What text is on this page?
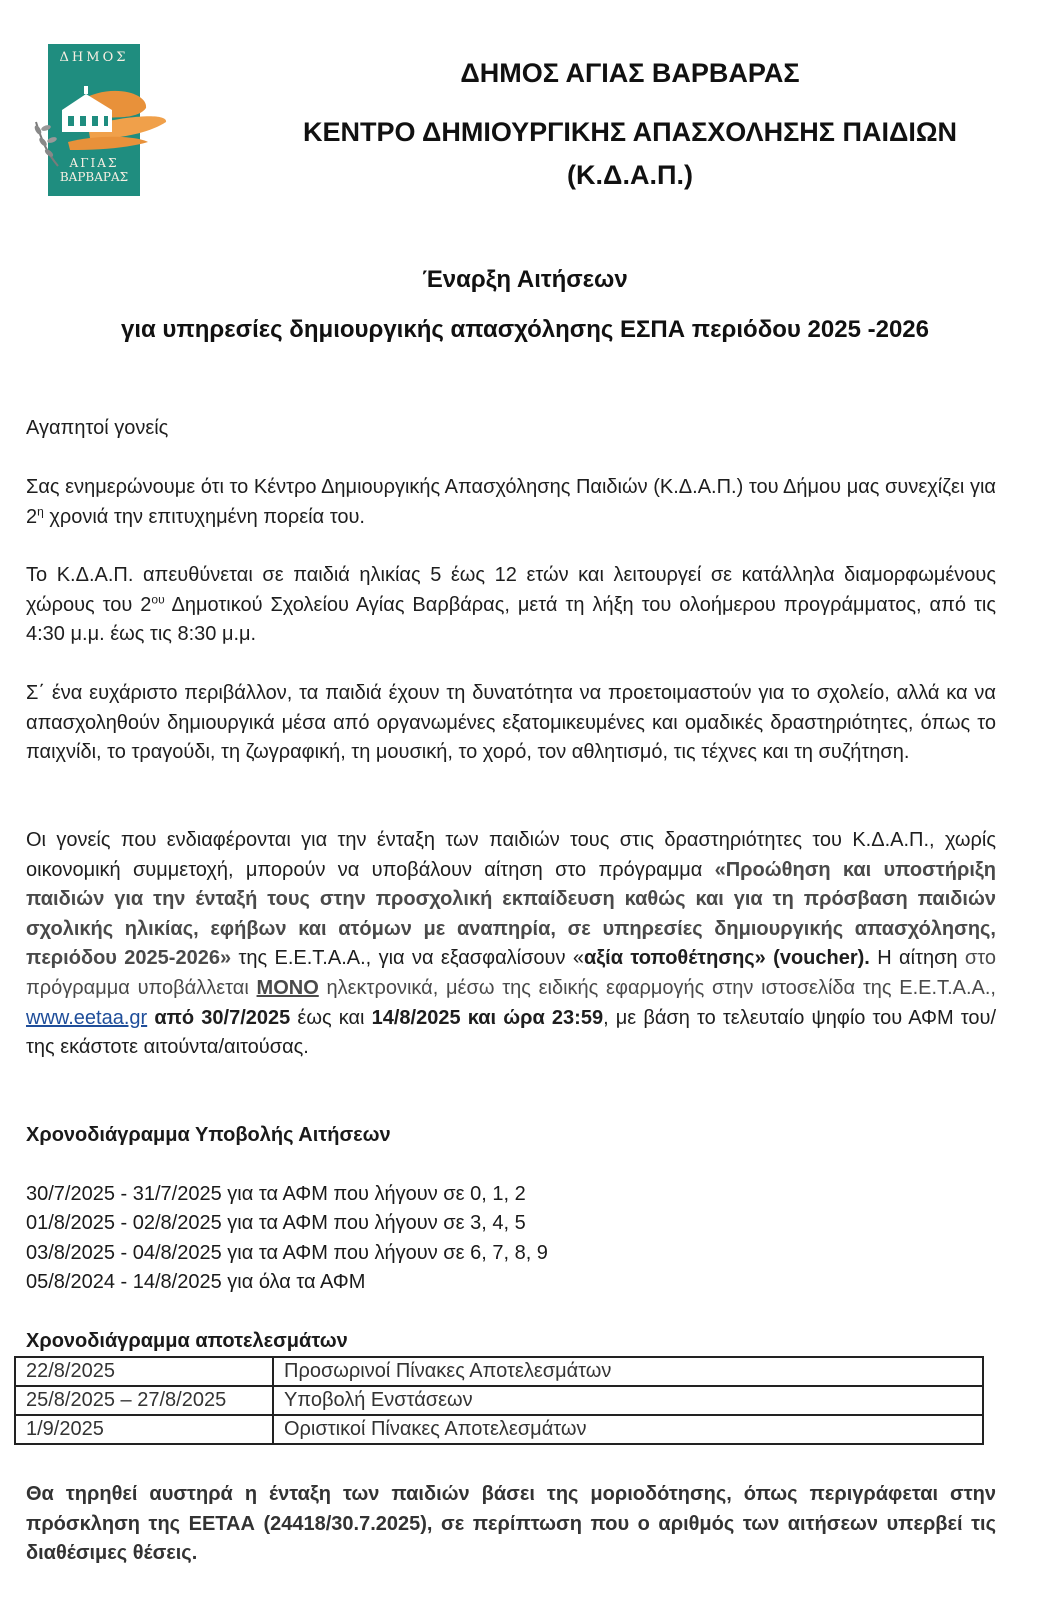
ΔΗΜΟΣ
ΑΓΙΑΣ
ΒΑΡΒΑΡΑΣ
ΔΗΜΟΣ ΑΓΙΑΣ ΒΑΡΒΑΡΑΣ
ΚΕΝΤΡΟ ΔΗΜΙΟΥΡΓΙΚΗΣ ΑΠΑΣΧΟΛΗΣΗΣ ΠΑΙΔΙΩΝ
(Κ.Δ.Α.Π.)
Έναρξη Αιτήσεων
για υπηρεσίες δημιουργικής απασχόλησης ΕΣΠΑ περιόδου 2025 -2026
Αγαπητοί γονείς
Σας ενημερώνουμε ότι το Κέντρο Δημιουργικής Απασχόλησης Παιδιών (Κ.Δ.Α.Π.) του Δήμου μας συνεχίζει για $2^\eta$ χρονιά την επιτυχημένη πορεία του.
Το Κ.Δ.Α.Π. απευθύνεται σε παιδιά ηλικίας 5 έως 12 ετών και λειτουργεί σε κατάλληλα διαμορφωμένους χώρους του $2^{o\upsilon}$ Δημοτικού Σχολείου Αγίας Βαρβάρας, μετά τη λήξη του ολοήμερου προγράμματος, από τις 4:30 μ.μ. έως τις 8:30 μ.μ.
Σ΄ ένα ευχάριστο περιβάλλον, τα παιδιά έχουν τη δυνατότητα να προετοιμαστούν για το σχολείο, αλλά κα να απασχοληθούν δημιουργικά μέσα από οργανωμένες εξατομικευμένες και ομαδικές δραστηριότητες, όπως το παιχνίδι, το τραγούδι, τη ζωγραφική, τη μουσική, το χορό, τον αθλητισμό, τις τέχνες και τη συζήτηση.
Οι γονείς που ενδιαφέρονται για την ένταξη των παιδιών τους στις δραστηριότητες του Κ.Δ.Α.Π., χωρίς οικονομική συμμετοχή, μπορούν να υποβάλουν αίτηση στο πρόγραμμα «Προώθηση και υποστήριξη παιδιών για την ένταξή τους στην προσχολική εκπαίδευση καθώς και για τη πρόσβαση παιδιών σχολικής ηλικίας, εφήβων και ατόμων με αναπηρία, σε υπηρεσίες δημιουργικής απασχόλησης, περιόδου 2025-2026» της Ε.Ε.Τ.Α.Α., για να εξασφαλίσουν «αξία τοποθέτησης» (voucher). Η αίτηση στο πρόγραμμα υποβάλλεται ΜΟΝΟ ηλεκτρονικά, μέσω της ειδικής εφαρμογής στην ιστοσελίδα της Ε.Ε.Τ.Α.Α., www.eetaa.gr από 30/7/2025 έως και 14/8/2025 και ώρα 23:59, με βάση το τελευταίο ψηφίο του ΑΦΜ του/της εκάστοτε αιτούντα/αιτούσας.
Χρονοδιάγραμμα Υποβολής Αιτήσεων
30/7/2025 - 31/7/2025 για τα ΑΦΜ που λήγουν σε 0, 1, 2
01/8/2025 - 02/8/2025 για τα ΑΦΜ που λήγουν σε 3, 4, 5
03/8/2025 - 04/8/2025 για τα ΑΦΜ που λήγουν σε 6, 7, 8, 9
05/8/2024 - 14/8/2025 για όλα τα ΑΦΜ
Χρονοδιάγραμμα αποτελεσμάτων
22/8/2025	Προσωρινοί Πίνακες Αποτελεσμάτων
25/8/2025 – 27/8/2025	Υποβολή Ενστάσεων
1/9/2025	Οριστικοί Πίνακες Αποτελεσμάτων
Θα τηρηθεί αυστηρά η ένταξη των παιδιών βάσει της μοριοδότησης, όπως περιγράφεται στην πρόσκληση της ΕΕΤΑΑ (24418/30.7.2025), σε περίπτωση που ο αριθμός των αιτήσεων υπερβεί τις διαθέσιμες θέσεις.
